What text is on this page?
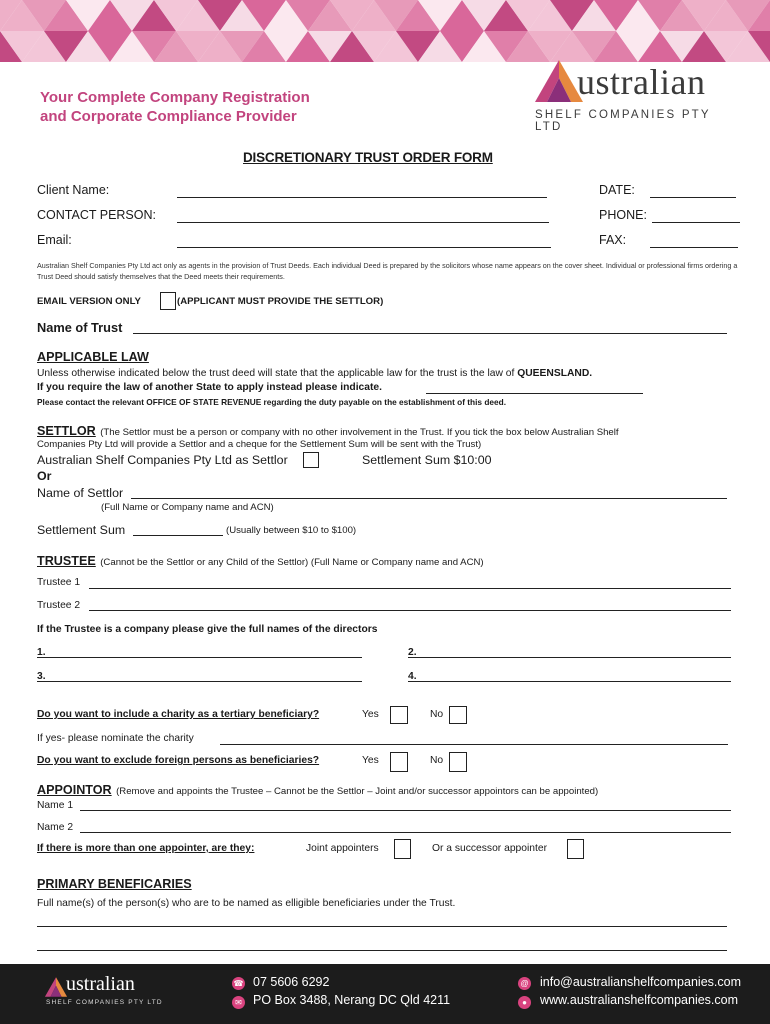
Your Complete Company Registration
and Corporate Compliance Provider
ustralian
SHELF COMPANIES PTY LTD
DISCRETIONARY TRUST ORDER FORM
Client Name:	DATE:
CONTACT PERSON:	PHONE:
Email:	FAX:
Australian Shelf Companies Pty Ltd act only as agents in the provision of Trust Deeds. Each individual Deed is prepared by the solicitors whose name appears on the cover sheet. Individual or professional firms ordering a
Trust Deed should satisfy themselves that the Deed meets their requirements.
EMAIL VERSION ONLY	(APPLICANT MUST PROVIDE THE SETTLOR)
Name of Trust
APPLICABLE LAW
Unless otherwise indicated below the trust deed will state that the applicable law for the trust is the law of QUEENSLAND.
If you require the law of another State to apply instead please indicate.
Please contact the relevant OFFICE OF STATE REVENUE regarding the duty payable on the establishment of this deed.
SETTLOR (The Settlor must be a person or company with no other involvement in the Trust. If you tick the box below Australian Shelf
Companies Pty Ltd will provide a Settlor and a cheque for the Settlement Sum will be sent with the Trust)
Australian Shelf Companies Pty Ltd as Settlor	Settlement Sum $10:00
Or
Name of Settlor
(Full Name or Company name and ACN)
Settlement Sum	(Usually between $10 to $100)
TRUSTEE (Cannot be the Settlor or any Child of the Settlor) (Full Name or Company name and ACN)
Trustee 1
Trustee 2
If the Trustee is a company please give the full names of the directors
1.	2.
3.	4.
Do you want to include a charity as a tertiary beneficiary?	Yes	No
If yes- please nominate the charity
Do you want to exclude foreign persons as beneficiaries?	Yes	No
APPOINTOR (Remove and appoints the Trustee – Cannot be the Settlor – Joint and/or successor appointors can be appointed)
Name 1
Name 2
If there is more than one appointer, are they:	Joint appointers	Or a successor appointer
PRIMARY BENEFICARIES
Full name(s) of the person(s) who are to be named as elligible beneficiaries under the Trust.
ustralian
SHELF COMPANIES PTY LTD
☎ 07 5606 6292
✉ PO Box 3488, Nerang DC Qld 4211
@ info@australianshelfcompanies.com
●	www.australianshelfcompanies.com
